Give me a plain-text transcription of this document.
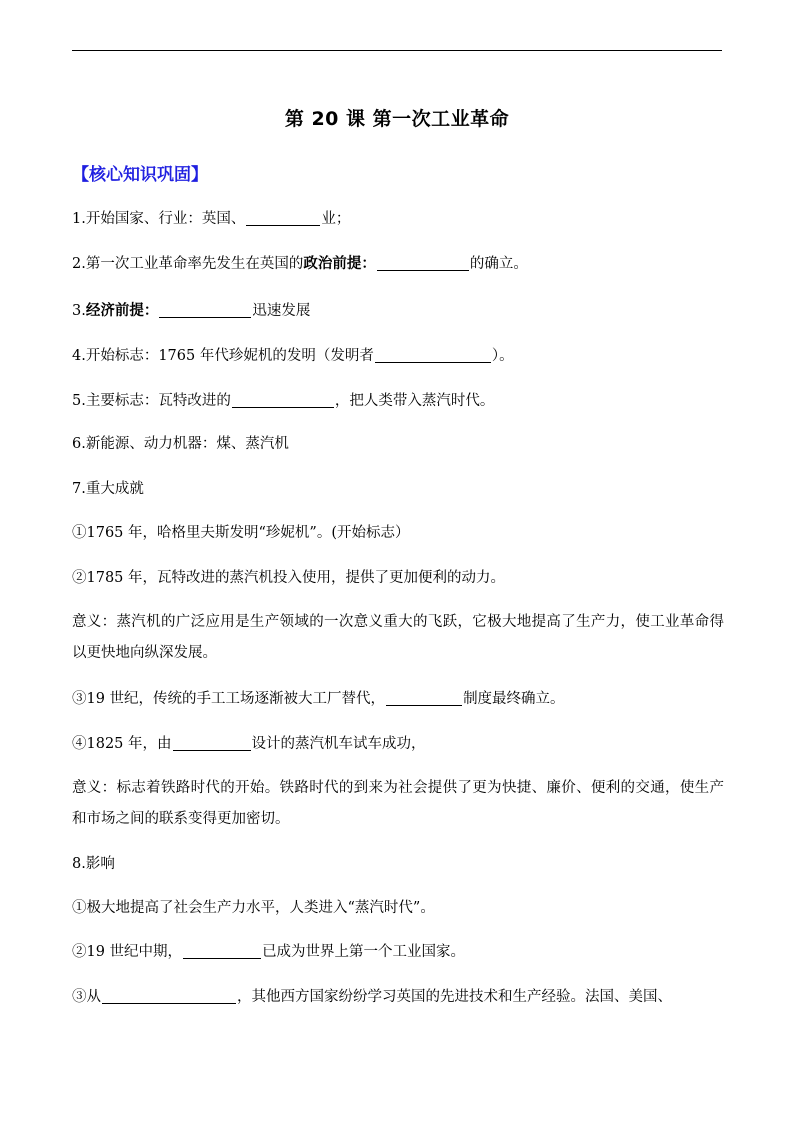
第 20 课 第一次工业革命
【核心知识巩固】
1.开始国家、行业：英国、	业；
2.第一次工业革命率先发生在英国的政治前提：	的确立。
3.经济前提：	迅速发展
4.开始标志：1765 年代珍妮机的发明（发明者	）。
5.主要标志：瓦特改进的	，把人类带入蒸汽时代。
6.新能源、动力机器：煤、蒸汽机
7.重大成就
①1765 年，哈格里夫斯发明“珍妮机”。(开始标志）
②1785 年，瓦特改进的蒸汽机投入使用，提供了更加便利的动力。
意义：蒸汽机的广泛应用是生产领域的一次意义重大的飞跃，它极大地提高了生产力，使工业革命得以更快地向纵深发展。
③19 世纪，传统的手工工场逐渐被大工厂替代，	制度最终确立。
④1825 年，由	设计的蒸汽机车试车成功，
意义：标志着铁路时代的开始。铁路时代的到来为社会提供了更为快捷、廉价、便利的交通，使生产和市场之间的联系变得更加密切。
8.影响
①极大地提高了社会生产力水平，人类进入“蒸汽时代”。
②19 世纪中期，	已成为世界上第一个工业国家。
③从	，其他西方国家纷纷学习英国的先进技术和生产经验。法国、美国、
